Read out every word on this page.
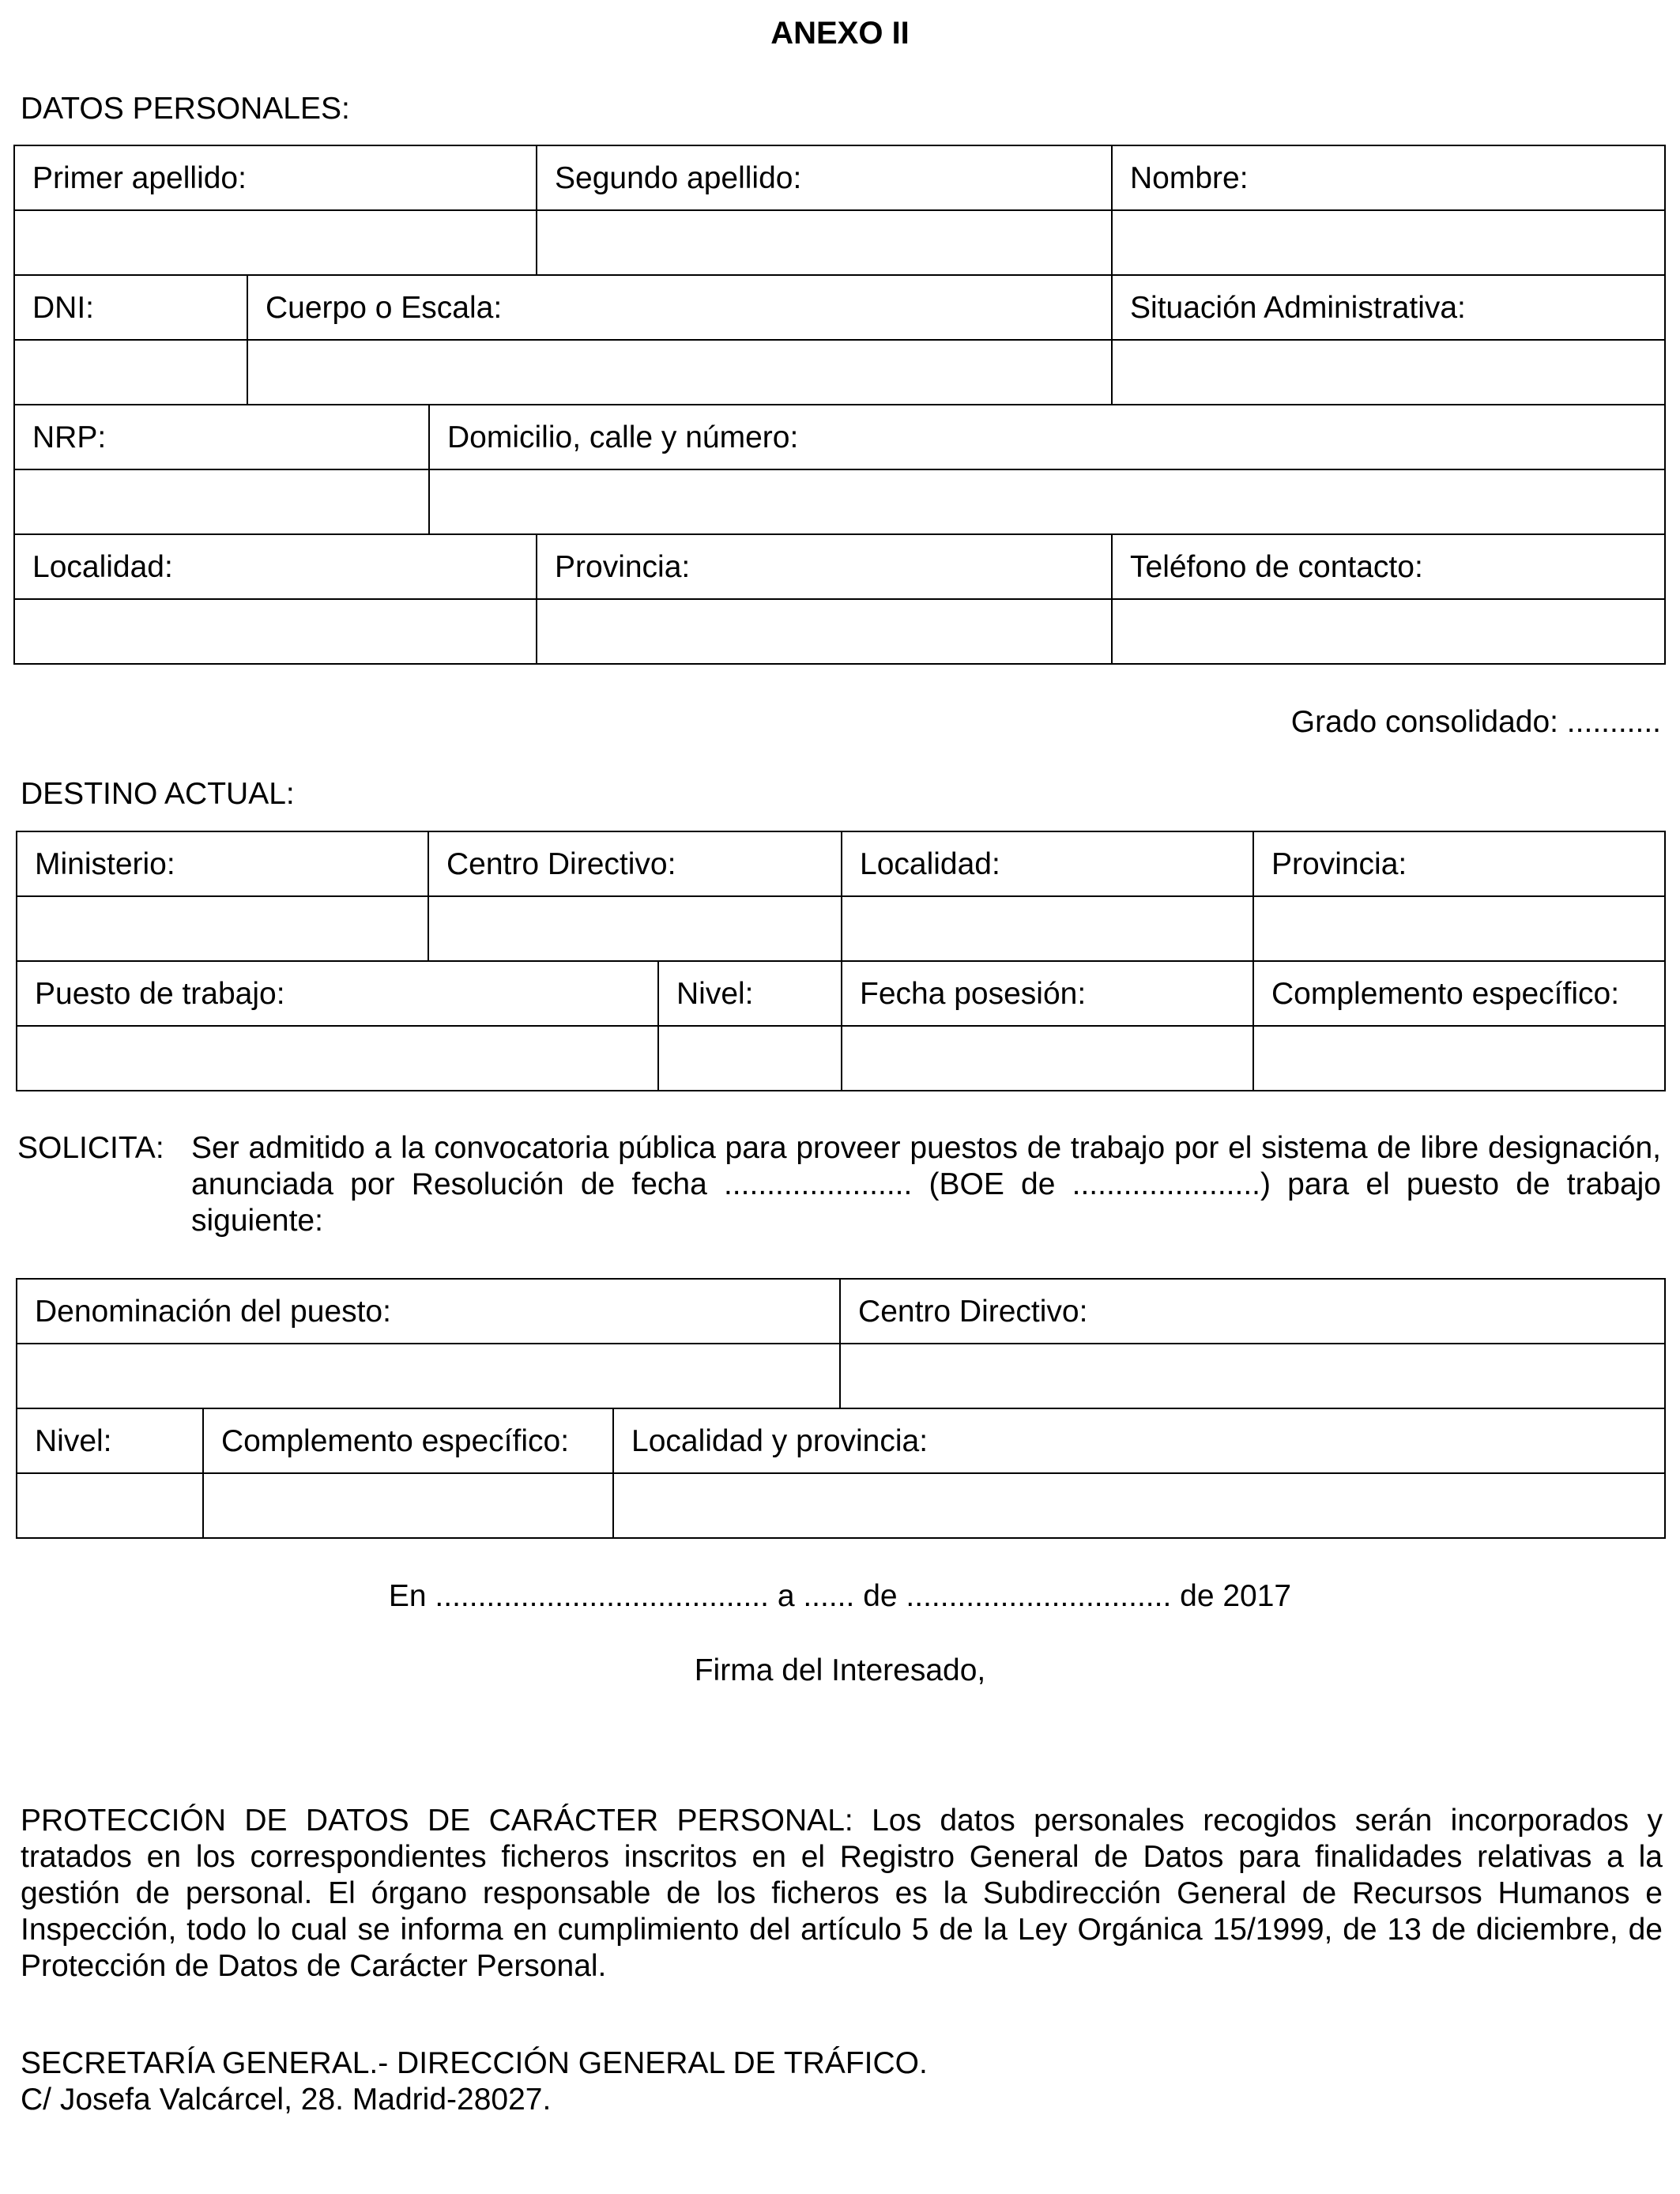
ANEXO II
DATOS PERSONALES:
Primer apellido:			Segundo apellido:	Nombre:

DNI:	Cuerpo o Escala:			Situación Administrativa:

NRP:		Domicilio, calle y número:		

Localidad:			Provincia:	Teléfono de contacto:

Grado consolidado: ...........
DESTINO ACTUAL:
Ministerio:	Centro Directivo:		Localidad:	Provincia:

Puesto de trabajo:		Nivel:	Fecha posesión:	Complemento específico:

SOLICITA: Ser admitido a la convocatoria pública para proveer puestos de trabajo por el sistema de libre designación, anunciada por Resolución de fecha ...................... (BOE de ......................) para el puesto de trabajo siguiente:
Denominación del puesto:			Centro Directivo:

Nivel:	Complemento específico:	Localidad y provincia:	

En ....................................... a ...... de ............................... de 2017
Firma del Interesado,
PROTECCIÓN DE DATOS DE CARÁCTER PERSONAL: Los datos personales recogidos serán incorporados y tratados en los correspondientes ficheros inscritos en el Registro General de Datos para finalidades relativas a la gestión de personal. El órgano responsable de los ficheros es la Subdirección General de Recursos Humanos e Inspección, todo lo cual se informa en cumplimiento del artículo 5 de la Ley Orgánica 15/1999, de 13 de diciembre, de Protección de Datos de Carácter Personal.
SECRETARÍA GENERAL.- DIRECCIÓN GENERAL DE TRÁFICO.
C/ Josefa Valcárcel, 28. Madrid-28027.
